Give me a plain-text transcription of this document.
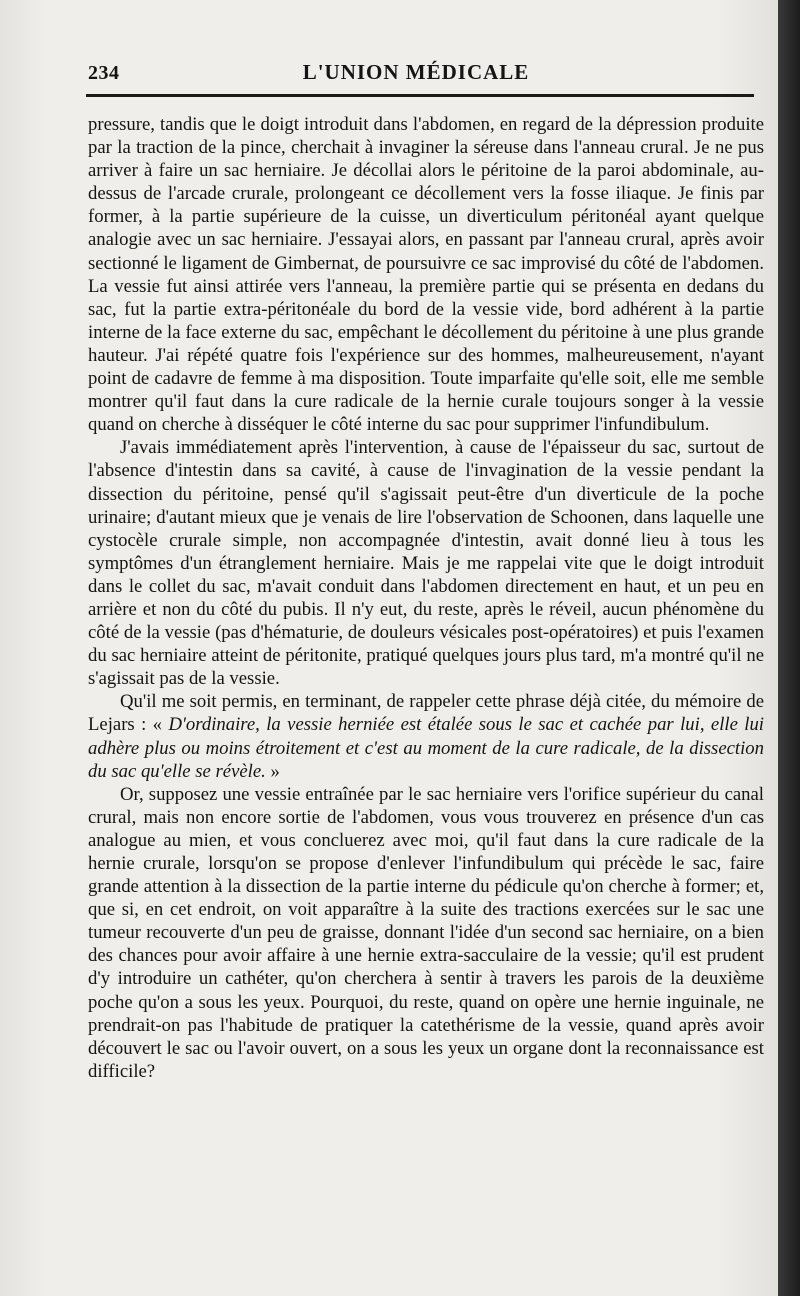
234	L'UNION MÉDICALE

pressure, tandis que le doigt introduit dans l'abdomen, en regard de la dépression produite par la traction de la pince, cherchait à invaginer la séreuse dans l'anneau crural. Je ne pus arriver à faire un sac herniaire. Je décollai alors le péritoine de la paroi abdominale, au-dessus de l'arcade crurale, prolongeant ce décollement vers la fosse iliaque. Je finis par former, à la partie supérieure de la cuisse, un diverticulum péritonéal ayant quelque analogie avec un sac herniaire. J'essayai alors, en passant par l'anneau crural, après avoir sectionné le ligament de Gimbernat, de poursuivre ce sac improvisé du côté de l'abdomen. La vessie fut ainsi attirée vers l'anneau, la première partie qui se présenta en dedans du sac, fut la partie extra-péritonéale du bord de la vessie vide, bord adhérent à la partie interne de la face externe du sac, empêchant le décollement du péritoine à une plus grande hauteur. J'ai répété quatre fois l'expérience sur des hommes, malheureusement, n'ayant point de cadavre de femme à ma disposition. Toute imparfaite qu'elle soit, elle me semble montrer qu'il faut dans la cure radicale de la hernie curale toujours songer à la vessie quand on cherche à disséquer le côté interne du sac pour supprimer l'infundibulum.

J'avais immédiatement après l'intervention, à cause de l'épaisseur du sac, surtout de l'absence d'intestin dans sa cavité, à cause de l'invagination de la vessie pendant la dissection du péritoine, pensé qu'il s'agissait peut-être d'un diverticule de la poche urinaire; d'autant mieux que je venais de lire l'observation de Schoonen, dans laquelle une cystocèle crurale simple, non accompagnée d'intestin, avait donné lieu à tous les symptômes d'un étranglement herniaire. Mais je me rappelai vite que le doigt introduit dans le collet du sac, m'avait conduit dans l'abdomen directement en haut, et un peu en arrière et non du côté du pubis. Il n'y eut, du reste, après le réveil, aucun phénomène du côté de la vessie (pas d'hématurie, de douleurs vésicales post-opératoires) et puis l'examen du sac herniaire atteint de péritonite, pratiqué quelques jours plus tard, m'a montré qu'il ne s'agissait pas de la vessie.

Qu'il me soit permis, en terminant, de rappeler cette phrase déjà citée, du mémoire de Lejars : « D'ordinaire, la vessie herniée est étalée sous le sac et cachée par lui, elle lui adhère plus ou moins étroitement et c'est au moment de la cure radicale, de la dissection du sac qu'elle se révèle. »

Or, supposez une vessie entraînée par le sac herniaire vers l'orifice supérieur du canal crural, mais non encore sortie de l'abdomen, vous vous trouverez en présence d'un cas analogue au mien, et vous concluerez avec moi, qu'il faut dans la cure radicale de la hernie crurale, lorsqu'on se propose d'enlever l'infundibulum qui précède le sac, faire grande attention à la dissection de la partie interne du pédicule qu'on cherche à former; et, que si, en cet endroit, on voit apparaître à la suite des tractions exercées sur le sac une tumeur recouverte d'un peu de graisse, donnant l'idée d'un second sac herniaire, on a bien des chances pour avoir affaire à une hernie extra-sacculaire de la vessie; qu'il est prudent d'y introduire un cathéter, qu'on cherchera à sentir à travers les parois de la deuxième poche qu'on a sous les yeux. Pourquoi, du reste, quand on opère une hernie inguinale, ne prendrait-on pas l'habitude de pratiquer la catethérisme de la vessie, quand après avoir découvert le sac ou l'avoir ouvert, on a sous les yeux un organe dont la reconnaissance est difficile?
